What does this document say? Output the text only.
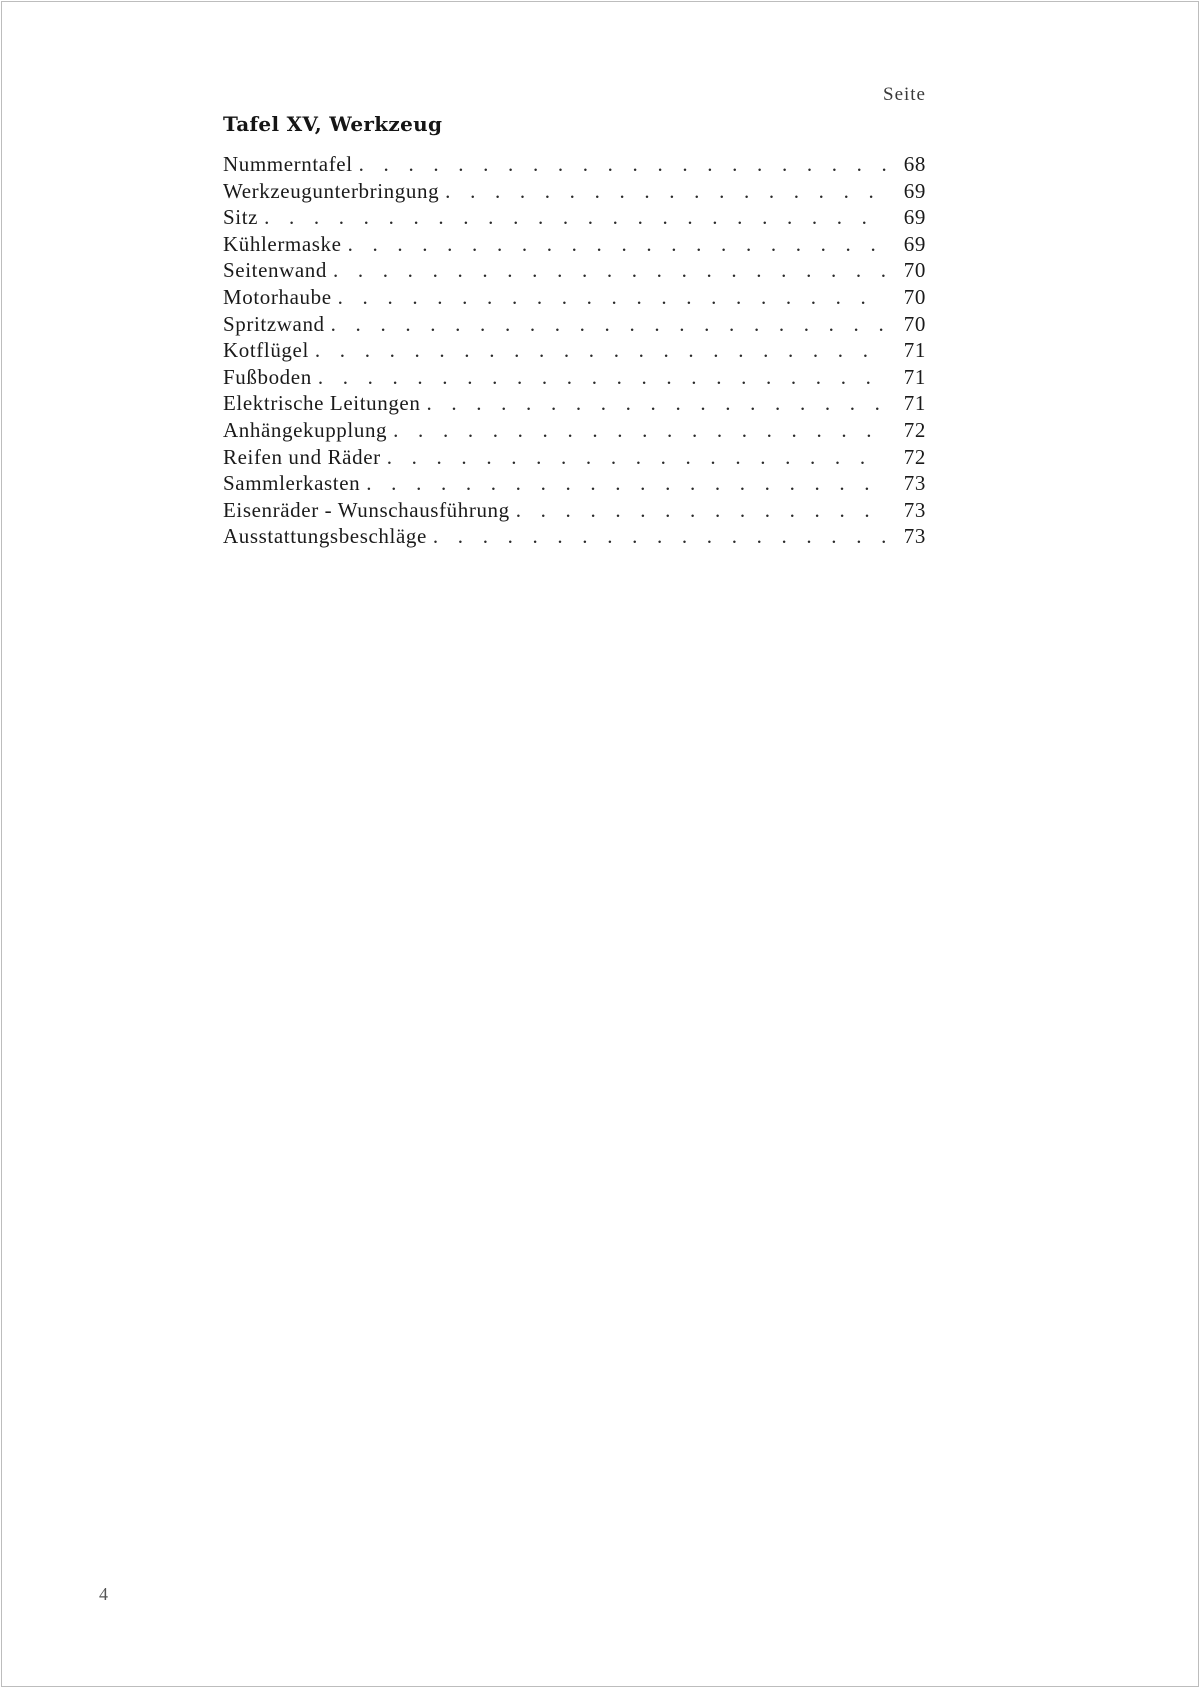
Seite
Tafel XV, Werkzeug
Nummerntafel . . .	68
Werkzeugunterbringung . . .	69
Sitz . . .	69
Kühlermaske . . .	69
Seitenwand . . .	70
Motorhaube . . .	70
Spritzwand . . .	70
Kotflügel . . .	71
Fußboden . . .	71
Elektrische Leitungen . . .	71
Anhängekupplung . . .	72
Reifen und Räder . . .	72
Sammlerkasten . . .	73
Eisenräder - Wunschausführung . . .	73
Ausstattungsbeschläge . . .	73
4
